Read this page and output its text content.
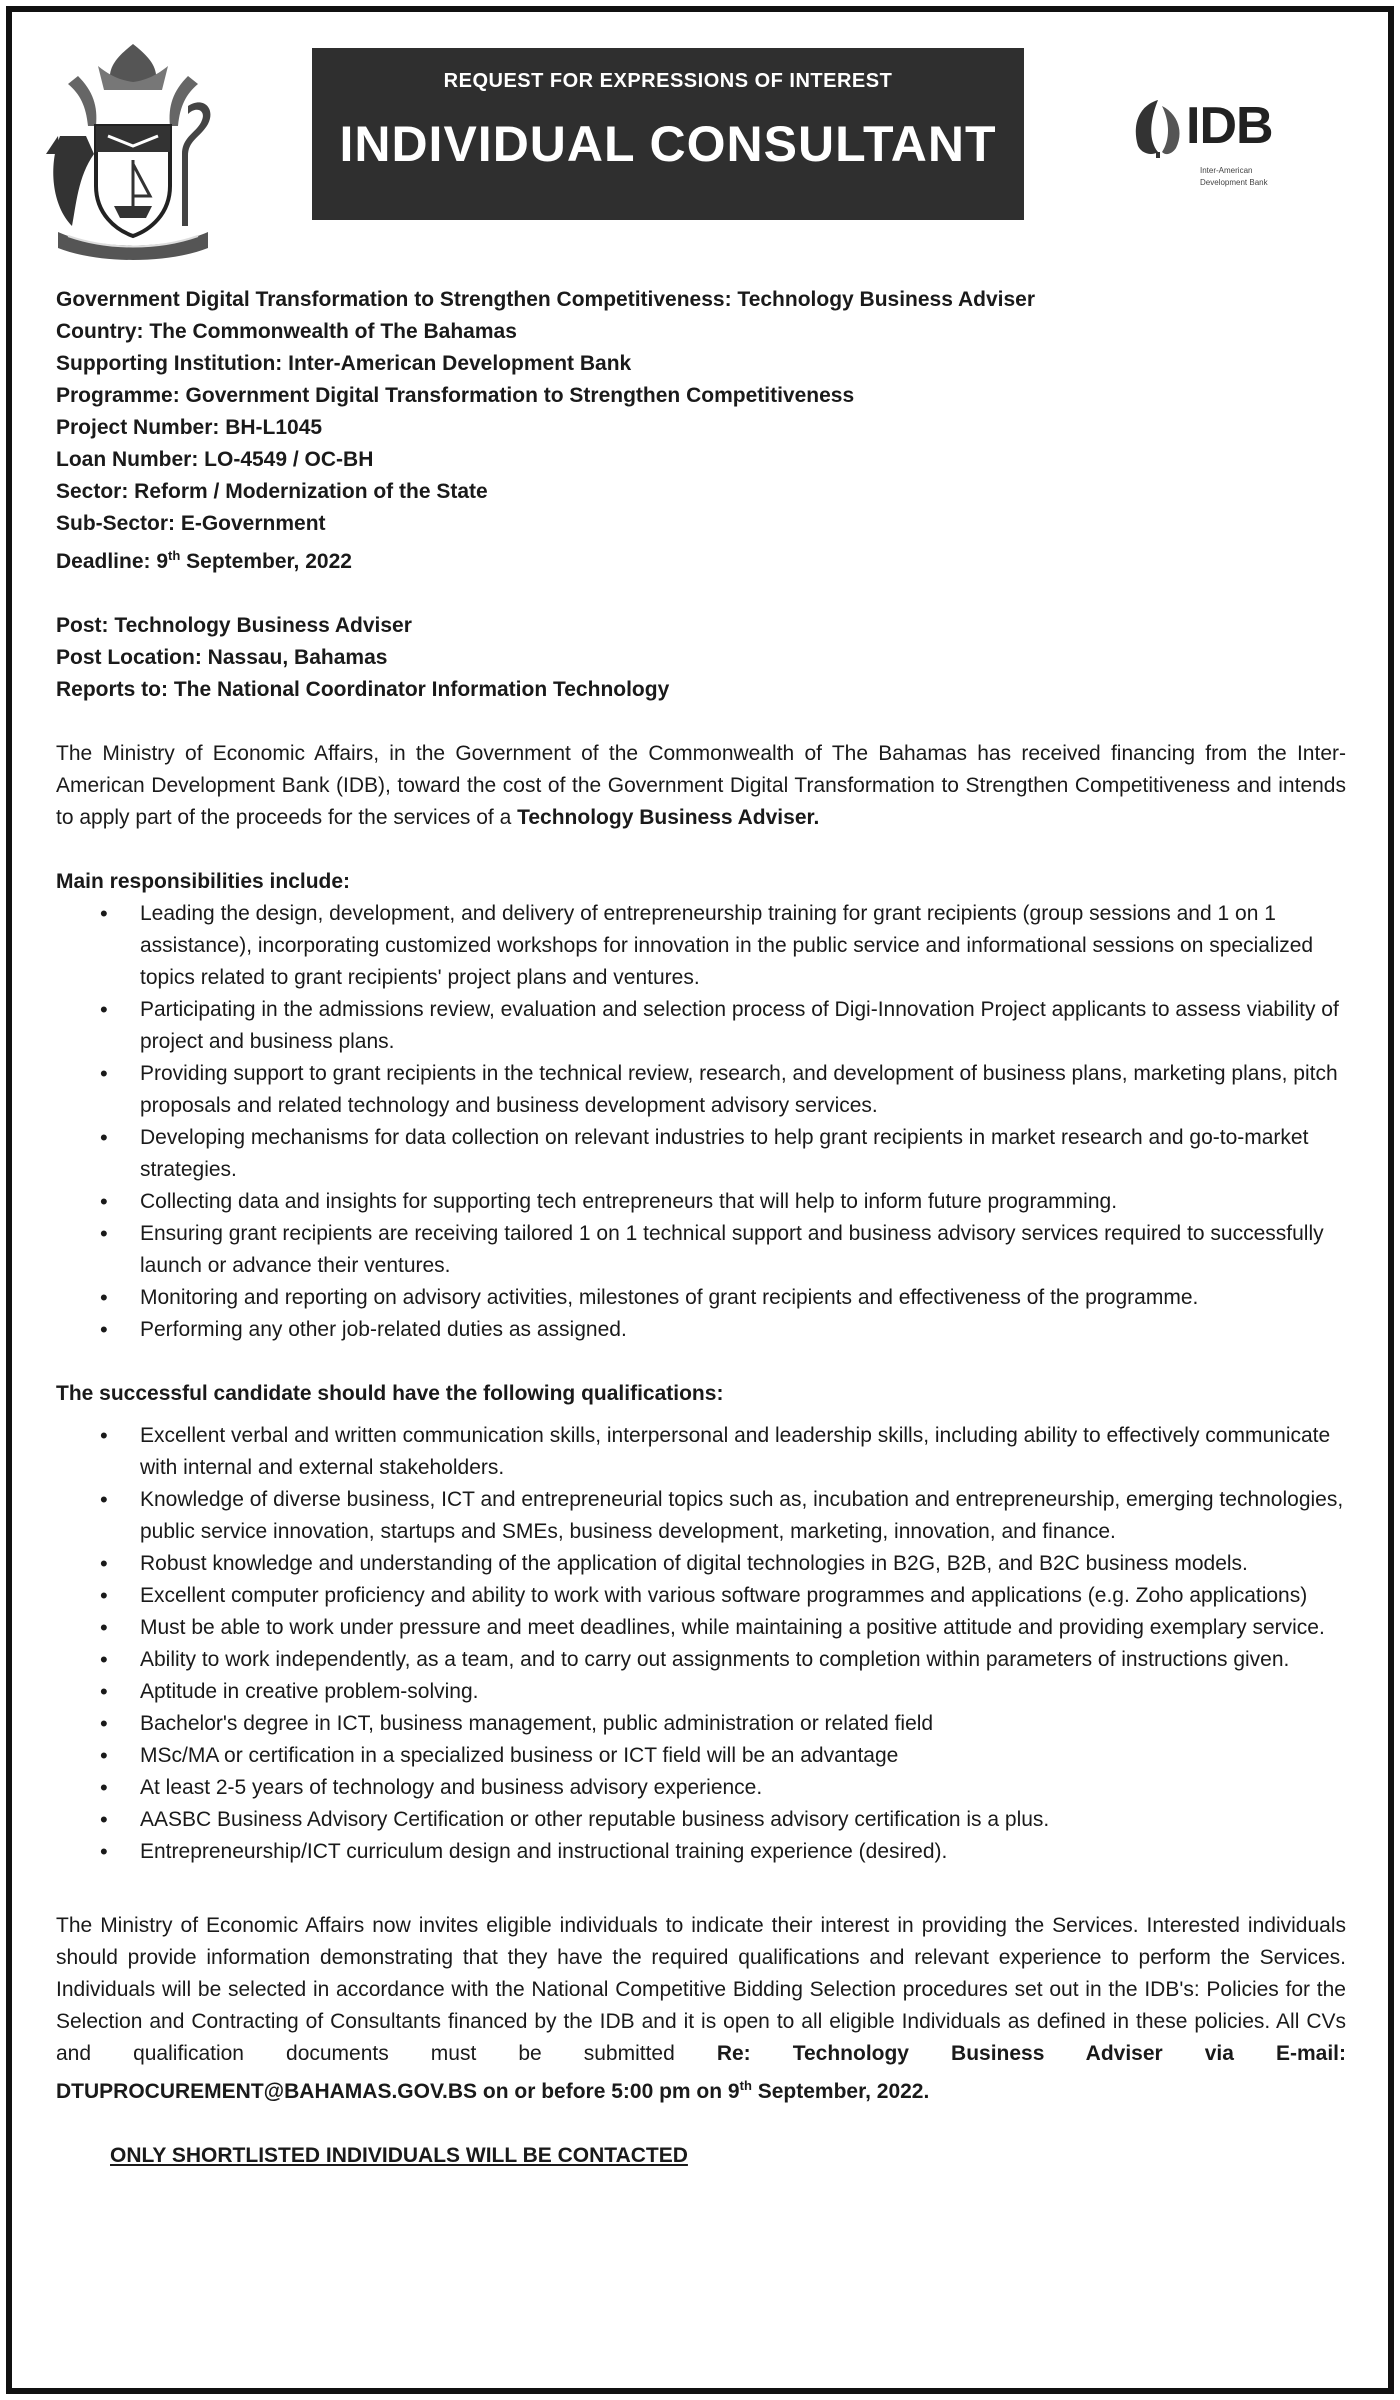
REQUEST FOR EXPRESSIONS OF INTEREST
INDIVIDUAL CONSULTANT	IDB
Inter-American
Development Bank
Government Digital Transformation to Strengthen Competitiveness: Technology Business Adviser
Country: The Commonwealth of The Bahamas
Supporting Institution: Inter-American Development Bank
Programme: Government Digital Transformation to Strengthen Competitiveness
Project Number: BH-L1045
Loan Number: LO-4549 / OC-BH
Sector: Reform / Modernization of the State
Sub-Sector: E-Government
Deadline: 9th September, 2022
Post: Technology Business Adviser
Post Location: Nassau, Bahamas
Reports to: The National Coordinator Information Technology

The Ministry of Economic Affairs, in the Government of the Commonwealth of The Bahamas has received financing from the Inter-American Development Bank (IDB), toward the cost of the Government Digital Transformation to Strengthen Competitiveness and intends to apply part of the proceeds for the services of a Technology Business Adviser.

Main responsibilities include:
• Leading the design, development, and delivery of entrepreneurship training for grant recipients (group sessions and 1 on 1 assistance), incorporating customized workshops for innovation in the public service and informational sessions on specialized topics related to grant recipients' project plans and ventures.
• Participating in the admissions review, evaluation and selection process of Digi-Innovation Project applicants to assess viability of project and business plans.
• Providing support to grant recipients in the technical review, research, and development of business plans, marketing plans, pitch proposals and related technology and business development advisory services.
• Developing mechanisms for data collection on relevant industries to help grant recipients in market research and go-to-market strategies.
• Collecting data and insights for supporting tech entrepreneurs that will help to inform future programming.
• Ensuring grant recipients are receiving tailored 1 on 1 technical support and business advisory services required to successfully launch or advance their ventures.
• Monitoring and reporting on advisory activities, milestones of grant recipients and effectiveness of the programme.
• Performing any other job-related duties as assigned.
The successful candidate should have the following qualifications:
• Excellent verbal and written communication skills, interpersonal and leadership skills, including ability to effectively communicate with internal and external stakeholders.
• Knowledge of diverse business, ICT and entrepreneurial topics such as, incubation and entrepreneurship, emerging technologies, public service innovation, startups and SMEs, business development, marketing, innovation, and finance.
• Robust knowledge and understanding of the application of digital technologies in B2G, B2B, and B2C business models.
• Excellent computer proficiency and ability to work with various software programmes and applications (e.g. Zoho applications)
• Must be able to work under pressure and meet deadlines, while maintaining a positive attitude and providing exemplary service.
• Ability to work independently, as a team, and to carry out assignments to completion within parameters of instructions given.
• Aptitude in creative problem-solving.
• Bachelor's degree in ICT, business management, public administration or related field
• MSc/MA or certification in a specialized business or ICT field will be an advantage
• At least 2-5 years of technology and business advisory experience.
• AASBC Business Advisory Certification or other reputable business advisory certification is a plus.
• Entrepreneurship/ICT curriculum design and instructional training experience (desired).

The Ministry of Economic Affairs now invites eligible individuals to indicate their interest in providing the Services. Interested individuals should provide information demonstrating that they have the required qualifications and relevant experience to perform the Services. Individuals will be selected in accordance with the National Competitive Bidding Selection procedures set out in the IDB's: Policies for the Selection and Contracting of Consultants financed by the IDB and it is open to all eligible Individuals as defined in these policies. All CVs and qualification documents must be submitted Re: Technology Business Adviser via E-mail: DTUPROCUREMENT@BAHAMAS.GOV.BS on or before 5:00 pm on 9th September, 2022.

ONLY SHORTLISTED INDIVIDUALS WILL BE CONTACTED
